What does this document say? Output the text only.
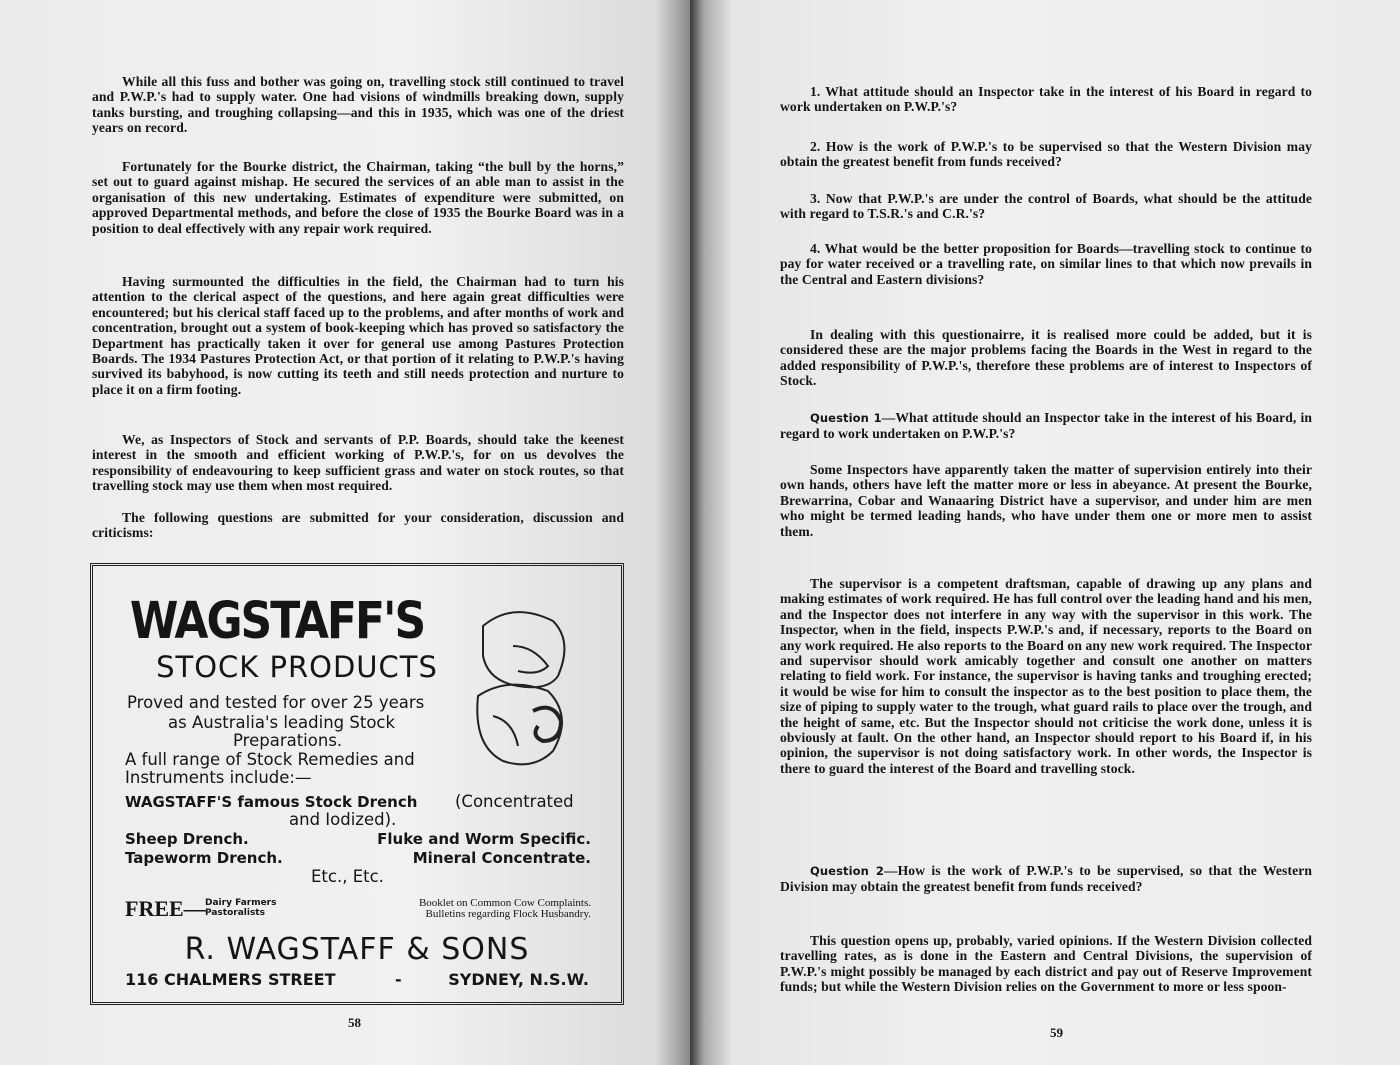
While all this fuss and bother was going on, travelling stock still continued to travel and P.W.P.'s had to supply water. One had visions of windmills breaking down, supply tanks bursting, and troughing collapsing—and this in 1935, which was one of the driest years on record.
Fortunately for the Bourke district, the Chairman, taking “the bull by the horns,” set out to guard against mishap. He secured the services of an able man to assist in the organisation of this new undertaking. Estimates of expenditure were submitted, on approved Departmental methods, and before the close of 1935 the Bourke Board was in a position to deal effectively with any repair work required.
Having surmounted the difficulties in the field, the Chairman had to turn his attention to the clerical aspect of the questions, and here again great difficulties were encountered; but his clerical staff faced up to the problems, and after months of work and concentration, brought out a system of book-keeping which has proved so satisfactory the Department has practically taken it over for general use among Pastures Protection Boards. The 1934 Pastures Protection Act, or that portion of it relating to P.W.P.'s having survived its babyhood, is now cutting its teeth and still needs protection and nurture to place it on a firm footing.
We, as Inspectors of Stock and servants of P.P. Boards, should take the keenest interest in the smooth and efficient working of P.W.P.'s, for on us devolves the responsibility of endeavouring to keep sufficient grass and water on stock routes, so that travelling stock may use them when most required.
The following questions are submitted for your consideration, discussion and criticisms:
WAGSTAFF'S
STOCK PRODUCTS
Proved and tested for over 25 years
as Australia's leading Stock
Preparations.
A full range of Stock Remedies and
Instruments include:—
WAGSTAFF'S famous Stock Drench (Concentrated
and Iodized).
Sheep Drench.	Fluke and Worm Specific.
Tapeworm Drench.	Mineral Concentrate.
Etc., Etc.
FREE— Dairy Farmers
Pastoralists
Booklet on Common Cow Complaints.
Bulletins regarding Flock Husbandry.
R. WAGSTAFF & SONS
116 CHALMERS STREET	-	SYDNEY, N.S.W.
58
1. What attitude should an Inspector take in the interest of his Board in regard to work undertaken on P.W.P.'s?
2. How is the work of P.W.P.'s to be supervised so that the Western Division may obtain the greatest benefit from funds received?
3. Now that P.W.P.'s are under the control of Boards, what should be the attitude with regard to T.S.R.'s and C.R.'s?
4. What would be the better proposition for Boards—travelling stock to continue to pay for water received or a travelling rate, on similar lines to that which now prevails in the Central and Eastern divisions?
In dealing with this questionairre, it is realised more could be added, but it is considered these are the major problems facing the Boards in the West in regard to the added responsibility of P.W.P.'s, therefore these problems are of interest to Inspectors of Stock.
Question 1—What attitude should an Inspector take in the interest of his Board, in regard to work undertaken on P.W.P.'s?
Some Inspectors have apparently taken the matter of supervision entirely into their own hands, others have left the matter more or less in abeyance. At present the Bourke, Brewarrina, Cobar and Wanaaring District have a supervisor, and under him are men who might be termed leading hands, who have under them one or more men to assist them.
The supervisor is a competent draftsman, capable of drawing up any plans and making estimates of work required. He has full control over the leading hand and his men, and the Inspector does not interfere in any way with the supervisor in this work. The Inspector, when in the field, inspects P.W.P.'s and, if necessary, reports to the Board on any work required. He also reports to the Board on any new work required. The Inspector and supervisor should work amicably together and consult one another on matters relating to field work. For instance, the supervisor is having tanks and troughing erected; it would be wise for him to consult the inspector as to the best position to place them, the size of piping to supply water to the trough, what guard rails to place over the trough, and the height of same, etc. But the Inspector should not criticise the work done, unless it is obviously at fault. On the other hand, an Inspector should report to his Board if, in his opinion, the supervisor is not doing satisfactory work. In other words, the Inspector is there to guard the interest of the Board and travelling stock.
Question 2—How is the work of P.W.P.'s to be supervised, so that the Western Division may obtain the greatest benefit from funds received?
This question opens up, probably, varied opinions. If the Western Division collected travelling rates, as is done in the Eastern and Central Divisions, the supervision of P.W.P.'s might possibly be managed by each district and pay out of Reserve Improvement funds; but while the Western Division relies on the Government to more or less spoon-
59
